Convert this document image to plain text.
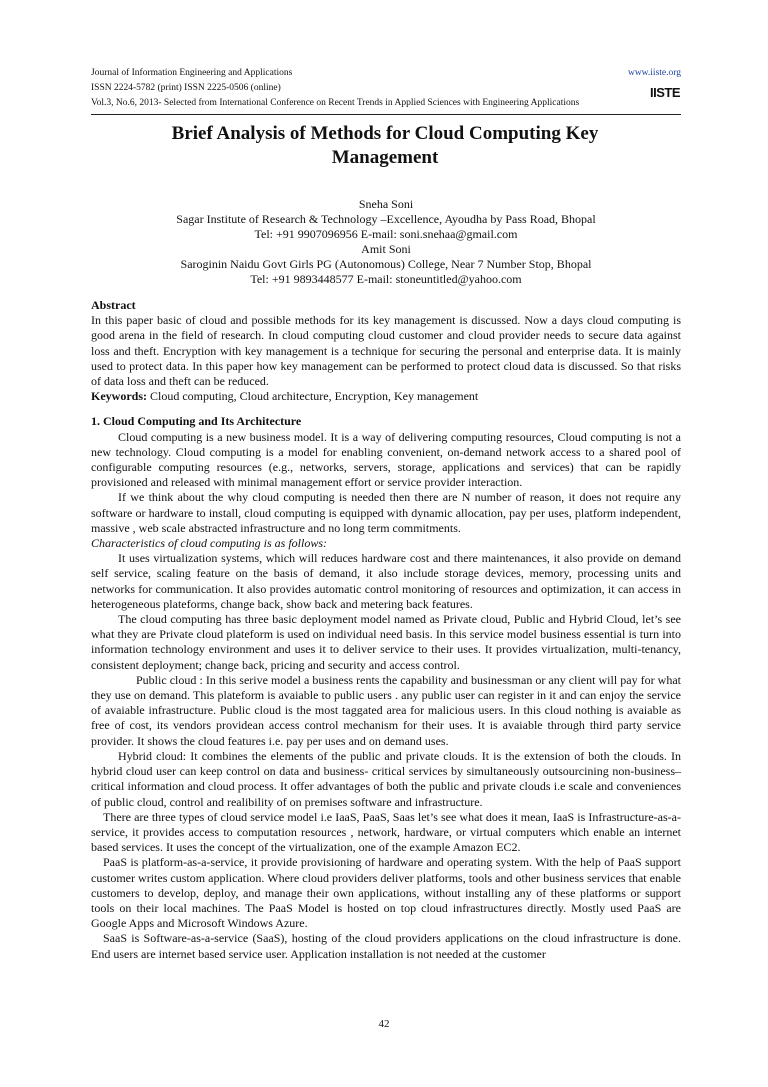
Journal of Information Engineering and Applications	www.iiste.org
ISSN 2224-5782 (print) ISSN 2225-0506 (online)
Vol.3, No.6, 2013- Selected from International Conference on Recent Trends in Applied Sciences with Engineering Applications
IISTE
Brief Analysis of Methods for Cloud Computing Key Management
Sneha Soni
Sagar Institute of Research & Technology –Excellence, Ayoudha by Pass Road, Bhopal
Tel: +91 9907096956 E-mail: soni.snehaa@gmail.com
Amit Soni
Saroginin Naidu Govt Girls PG (Autonomous) College, Near 7 Number Stop, Bhopal
Tel: +91 9893448577 E-mail: stoneuntitled@yahoo.com

Abstract

In this paper basic of cloud and possible methods for its key management is discussed. Now a days cloud computing is good arena in the field of research. In cloud computing cloud customer and cloud provider needs to secure data against loss and theft. Encryption with key management is a technique for securing the personal and enterprise data. It is mainly used to protect data. In this paper how key management can be performed to protect cloud data is discussed. So that risks of data loss and theft can be reduced.

Keywords: Cloud computing, Cloud architecture, Encryption, Key management

1. Cloud Computing and Its Architecture

Cloud computing is a new business model. It is a way of delivering computing resources, Cloud computing is not a new technology. Cloud computing is a model for enabling convenient, on-demand network access to a shared pool of configurable computing resources (e.g., networks, servers, storage, applications and services) that can be rapidly provisioned and released with minimal management effort or service provider interaction.

If we think about the why cloud computing is needed then there are N number of reason, it does not require any software or hardware to install, cloud computing is equipped with dynamic allocation, pay per uses, platform independent, massive , web scale abstracted infrastructure and no long term commitments.

Characteristics of cloud computing is as follows:

It uses virtualization systems, which will reduces hardware cost and there maintenances, it also provide on demand self service, scaling feature on the basis of demand, it also include storage devices, memory, processing units and networks for communication. It also provides automatic control monitoring of resources and optimization, it can access in heterogeneous plateforms, change back, show back and metering back features.

The cloud computing has three basic deployment model named as Private cloud, Public and Hybrid Cloud, let’s see what they are Private cloud plateform is used on individual need basis. In this service model business essential is turn into information technology environment and uses it to deliver service to their uses. It provides virtualization, multi-tenancy, consistent deployment; change back, pricing and security and access control.

Public cloud : In this serive model a business rents the capability and businessman or any client will pay for what they use on demand. This plateform is avaiable to public users . any public user can register in it and can enjoy the service of avaiable infrastructure. Public cloud is the most taggated area for malicious users. In this cloud nothing is avaiable as free of cost, its vendors providean access control mechanism for their uses. It is avaiable through third party service provider. It shows the cloud features i.e. pay per uses and on demand uses.

Hybrid cloud: It combines the elements of the public and private clouds. It is the extension of both the clouds. In hybrid cloud user can keep control on data and business- critical services by simultaneously outsourcining non-business–critical information and cloud process. It offer advantages of both the public and private clouds i.e scale and conveniences of public cloud, control and realibility of on premises software and infrastructure.

There are three types of cloud service model i.e IaaS, PaaS, Saas let’s see what does it mean, IaaS is Infrastructure-as-a-service, it provides access to computation resources , network, hardware, or virtual computers which enable an internet based services. It uses the concept of the virtualization, one of the example Amazon EC2.

PaaS is platform-as-a-service, it provide provisioning of hardware and operating system. With the help of PaaS support customer writes custom application. Where cloud providers deliver platforms, tools and other business services that enable customers to develop, deploy, and manage their own applications, without installing any of these platforms or support tools on their local machines. The PaaS Model is hosted on top cloud infrastructures directly. Mostly used PaaS are Google Apps and Microsoft Windows Azure.

SaaS is Software-as-a-service (SaaS), hosting of the cloud providers applications on the cloud infrastructure is done. End users are internet based service user. Application installation is not needed at the customer

42
